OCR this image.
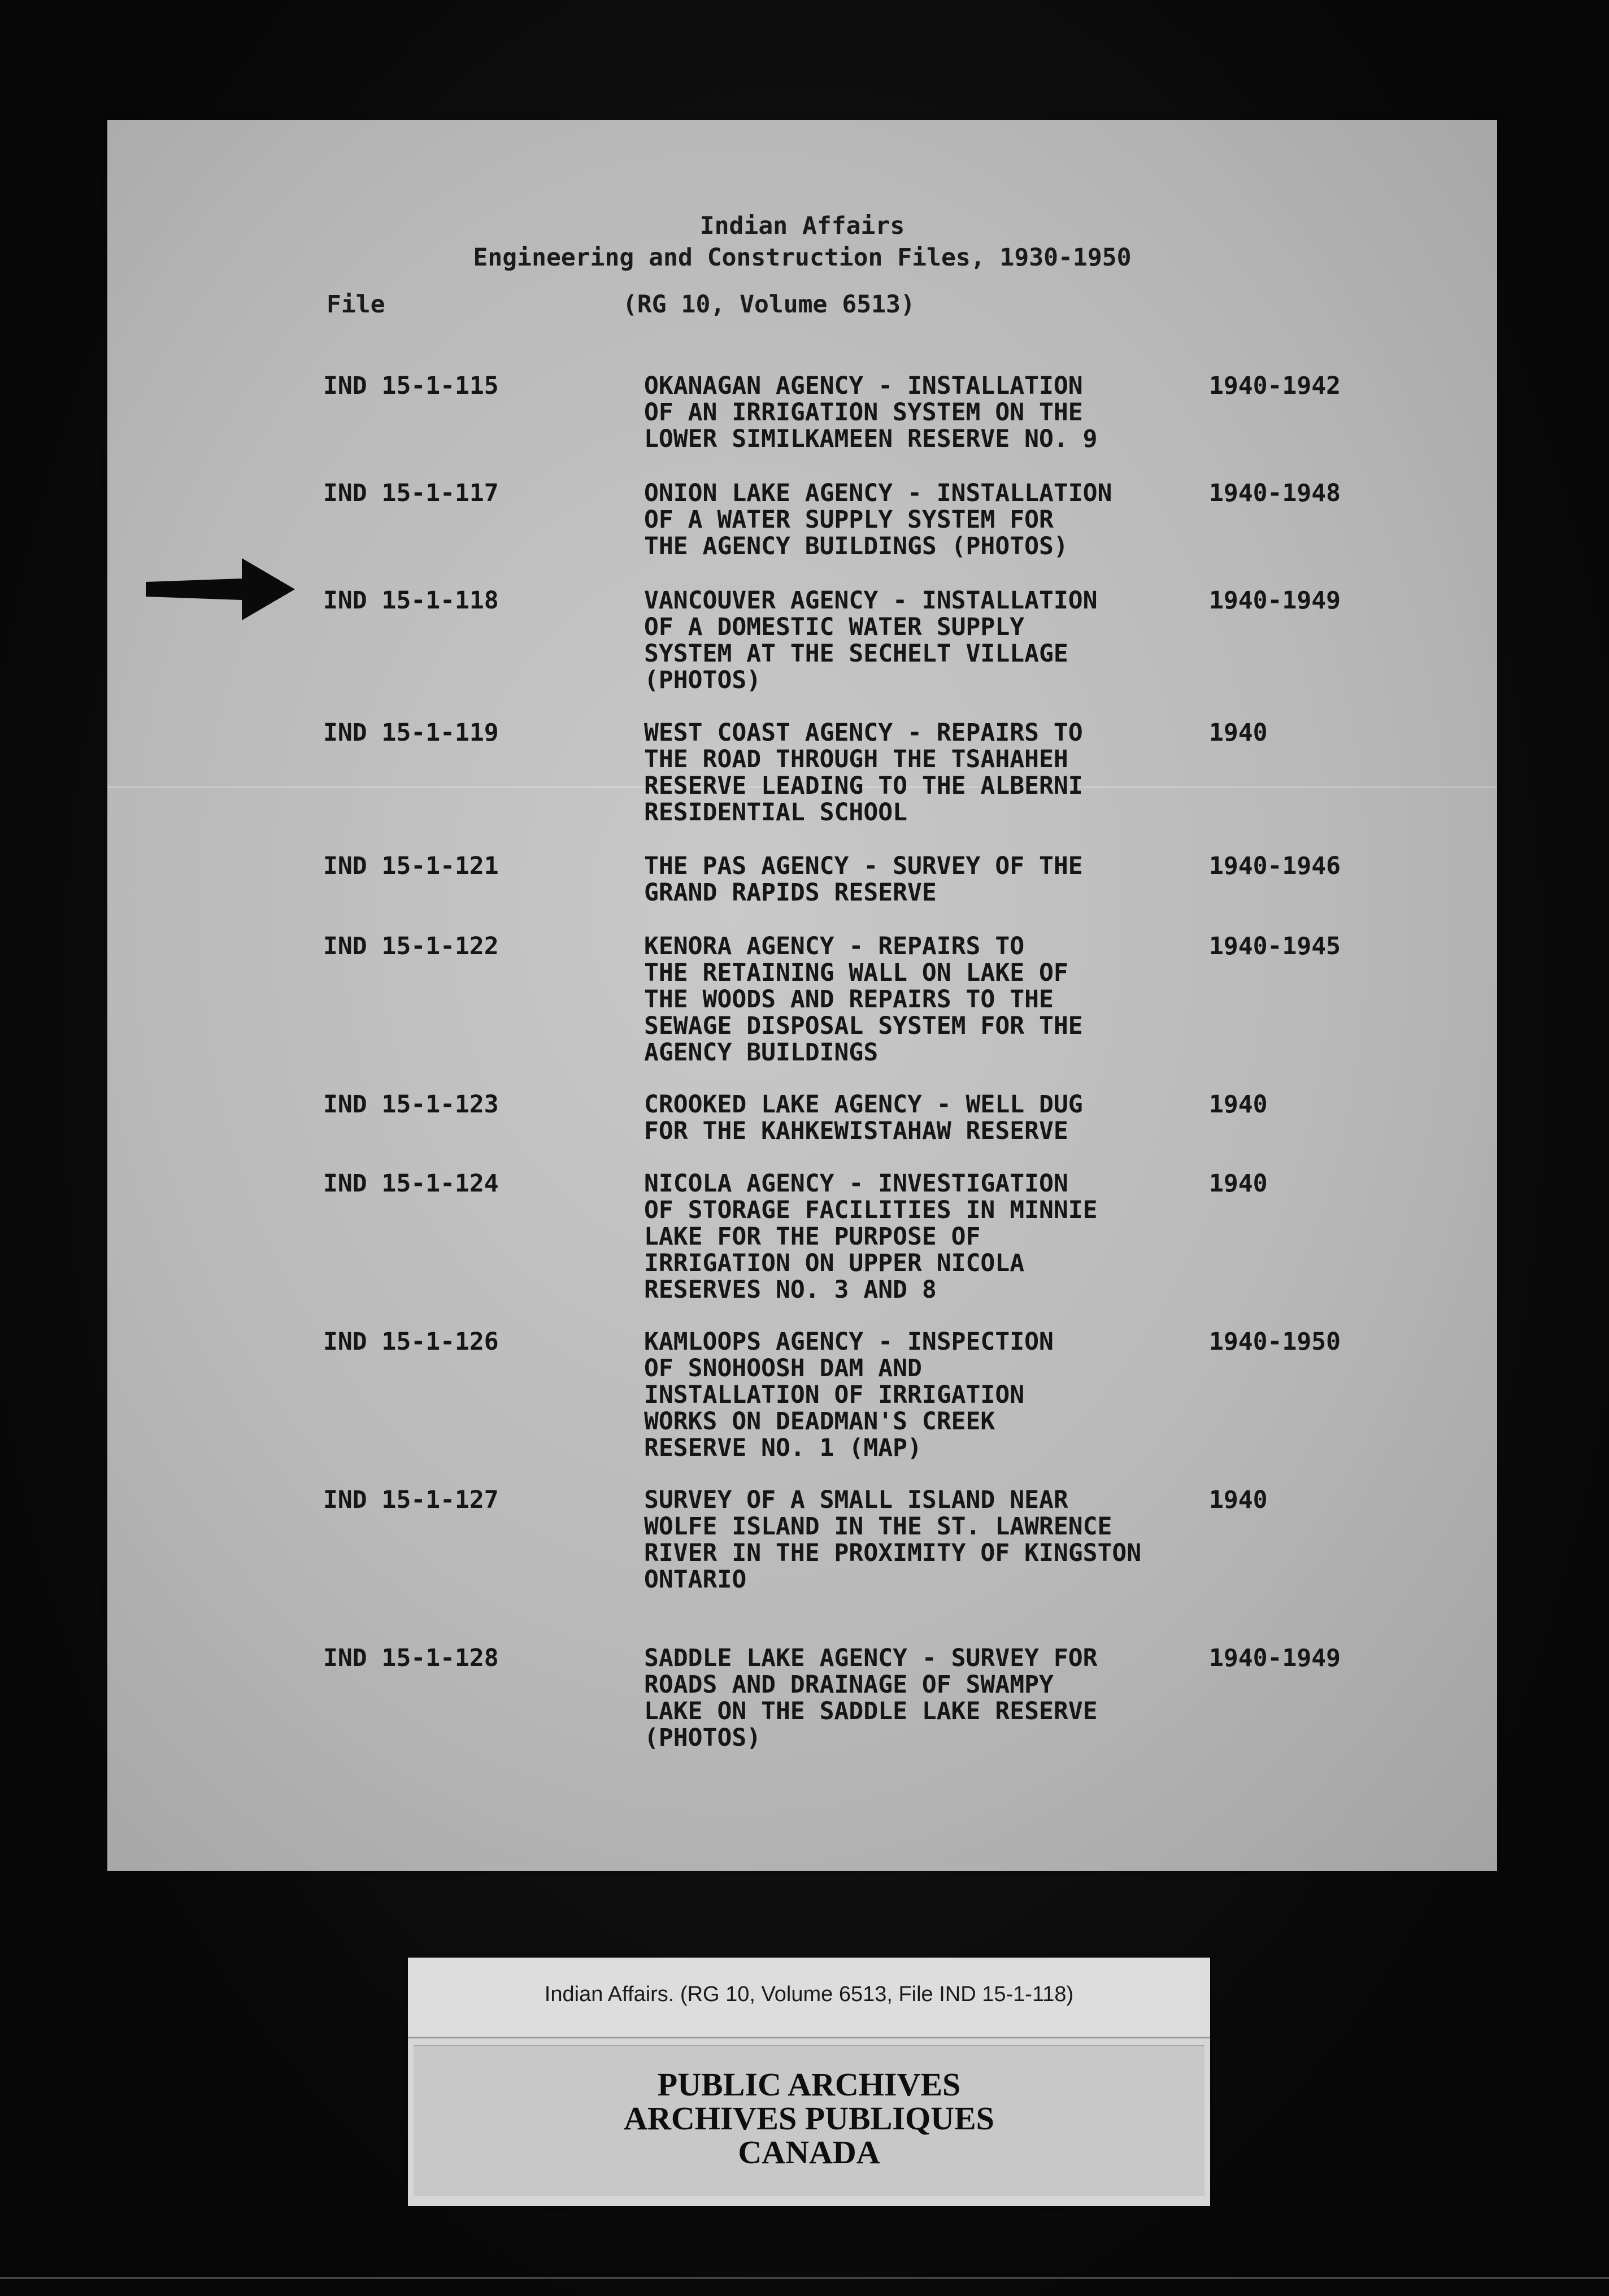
Indian Affairs
Engineering and Construction Files, 1930-1950
File	(RG 10, Volume 6513)
IND 15-1-115	OKANAGAN AGENCY - INSTALLATION
OF AN IRRIGATION SYSTEM ON THE
LOWER SIMILKAMEEN RESERVE NO. 9
1940-1942
IND 15-1-117	ONION LAKE AGENCY - INSTALLATION
OF A WATER SUPPLY SYSTEM FOR
THE AGENCY BUILDINGS (PHOTOS)
1940-1948
IND 15-1-118	VANCOUVER AGENCY - INSTALLATION
OF A DOMESTIC WATER SUPPLY
SYSTEM AT THE SECHELT VILLAGE
(PHOTOS)
1940-1949
IND 15-1-119	WEST COAST AGENCY - REPAIRS TO
THE ROAD THROUGH THE TSAHAHEH
RESERVE LEADING TO THE ALBERNI
RESIDENTIAL SCHOOL
1940
IND 15-1-121	THE PAS AGENCY - SURVEY OF THE
GRAND RAPIDS RESERVE
1940-1946
IND 15-1-122	KENORA AGENCY - REPAIRS TO
THE RETAINING WALL ON LAKE OF
THE WOODS AND REPAIRS TO THE
SEWAGE DISPOSAL SYSTEM FOR THE
AGENCY BUILDINGS
1940-1945
IND 15-1-123	CROOKED LAKE AGENCY - WELL DUG
FOR THE KAHKEWISTAHAW RESERVE
1940
IND 15-1-124	NICOLA AGENCY - INVESTIGATION
OF STORAGE FACILITIES IN MINNIE
LAKE FOR THE PURPOSE OF
IRRIGATION ON UPPER NICOLA
RESERVES NO. 3 AND 8
1940
IND 15-1-126	KAMLOOPS AGENCY - INSPECTION
OF SNOHOOSH DAM AND
INSTALLATION OF IRRIGATION
WORKS ON DEADMAN'S CREEK
RESERVE NO. 1 (MAP)
1940-1950
IND 15-1-127	SURVEY OF A SMALL ISLAND NEAR
WOLFE ISLAND IN THE ST. LAWRENCE
RIVER IN THE PROXIMITY OF KINGSTON
ONTARIO
1940
IND 15-1-128	SADDLE LAKE AGENCY - SURVEY FOR
ROADS AND DRAINAGE OF SWAMPY
LAKE ON THE SADDLE LAKE RESERVE
(PHOTOS)
1940-1949
Indian Affairs. (RG 10, Volume 6513, File IND 15-1-118)
PUBLIC ARCHIVES
ARCHIVES PUBLIQUES
CANADA
